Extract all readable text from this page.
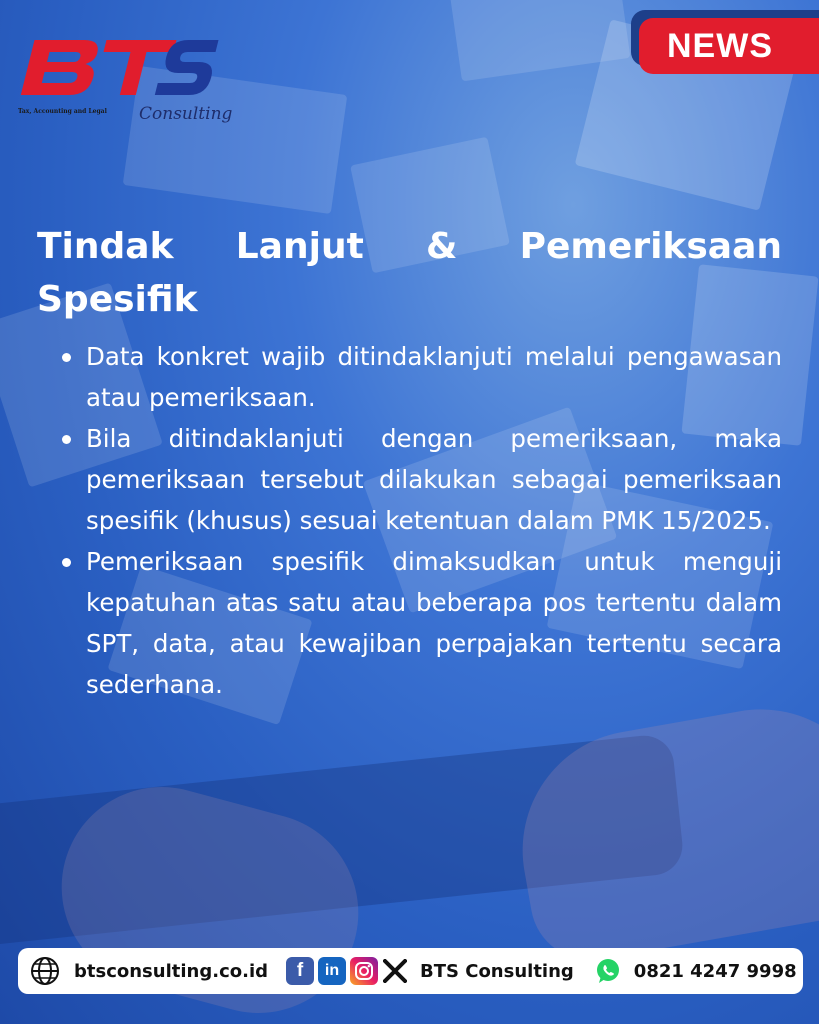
Tax, Accounting and Legal Consulting
NEWS
Tindak Lanjut & Pemeriksaan
Spesifik
Data konkret wajib ditindaklanjuti melalui pengawasan atau pemeriksaan.
Bila ditindaklanjuti dengan pemeriksaan, maka pemeriksaan tersebut dilakukan sebagai pemeriksaan spesifik (khusus) sesuai ketentuan dalam PMK 15/2025.
Pemeriksaan spesifik dimaksudkan untuk menguji kepatuhan atas satu atau beberapa pos tertentu dalam SPT, data, atau kewajiban perpajakan tertentu secara sederhana.
btsconsulting.co.id	f	in	BTS Consulting	0821 4247 9998
